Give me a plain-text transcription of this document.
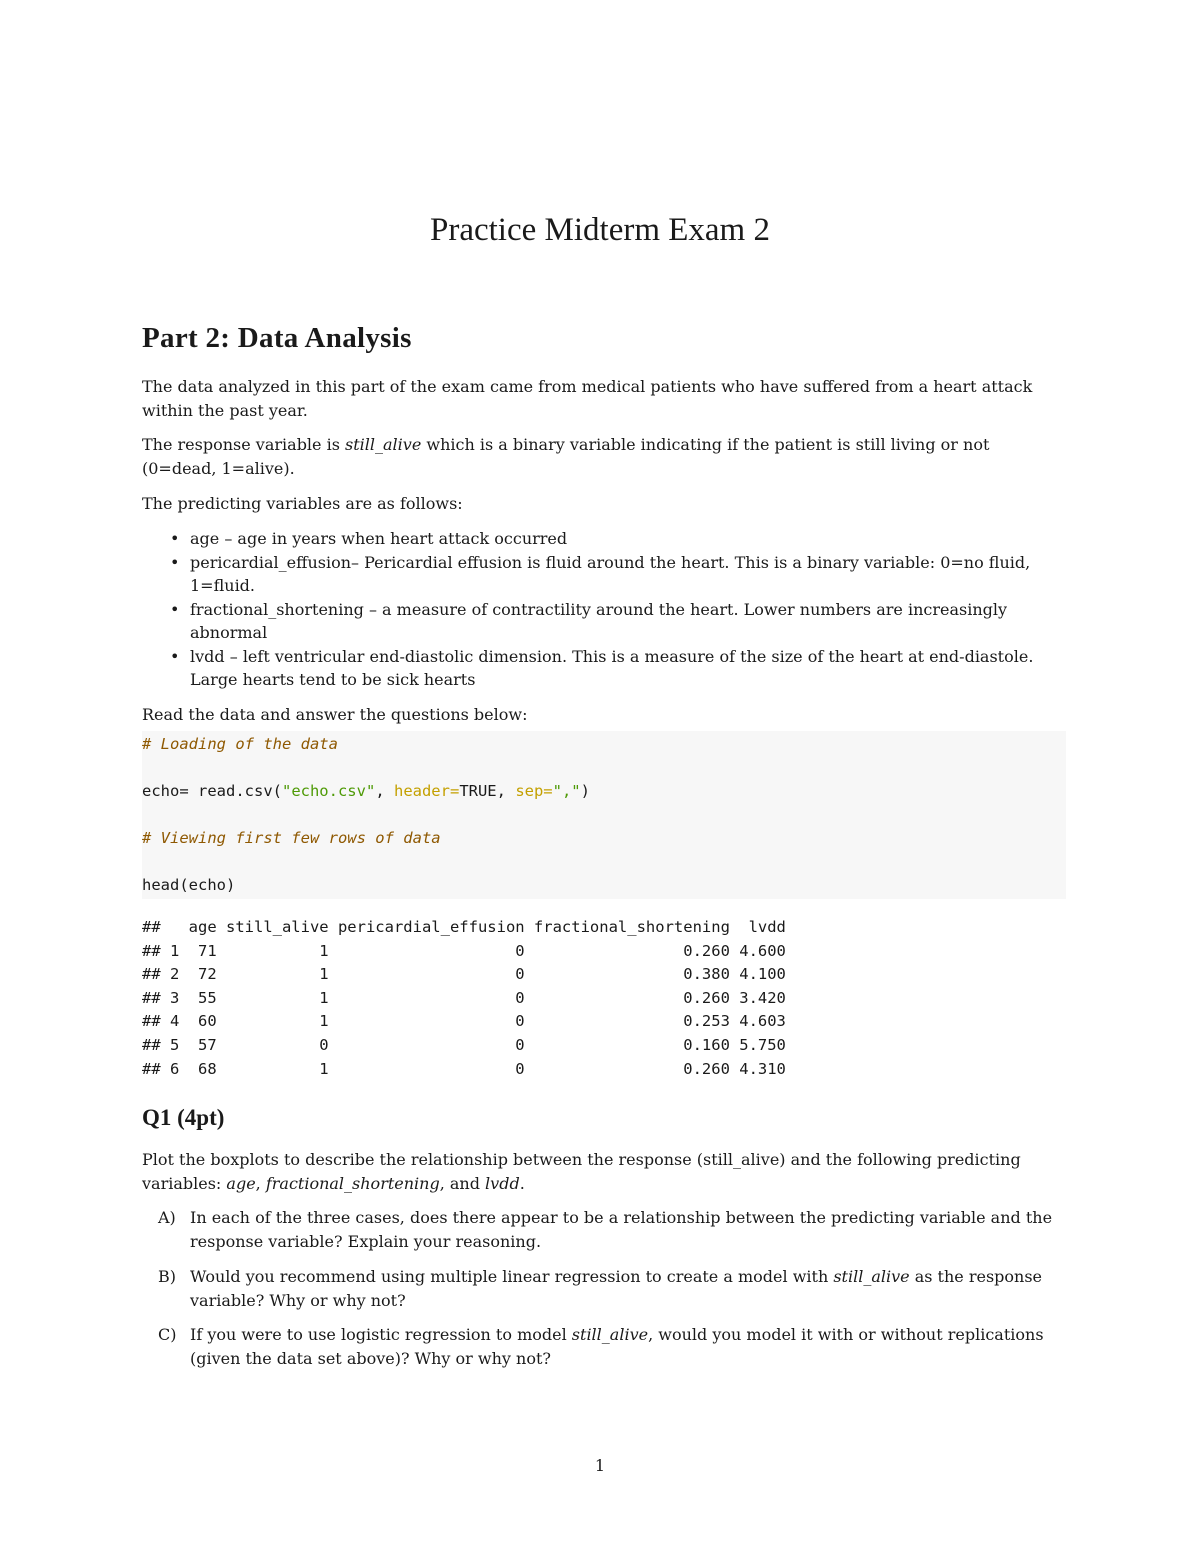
Practice Midterm Exam 2
Part 2: Data Analysis

The data analyzed in this part of the exam came from medical patients who have suffered from a heart attack within the past year.

The response variable is still_alive which is a binary variable indicating if the patient is still living or not (0=dead, 1=alive).

The predicting variables are as follows:

• age – age in years when heart attack occurred
• pericardial_effusion– Pericardial effusion is fluid around the heart. This is a binary variable: 0=no fluid, 1=fluid.
• fractional_shortening – a measure of contractility around the heart. Lower numbers are increasingly abnormal
• lvdd – left ventricular end-diastolic dimension. This is a measure of the size of the heart at end-diastole. Large hearts tend to be sick hearts

Read the data and answer the questions below:

# Loading of the data
echo= read.csv("echo.csv", header=TRUE, sep=",")
# Viewing first few rows of data
head(echo)
##   age still_alive pericardial_effusion fractional_shortening  lvdd
## 1  71           1                    0                 0.260 4.600
## 2  72           1                    0                 0.380 4.100
## 3  55           1                    0                 0.260 3.420
## 4  60           1                    0                 0.253 4.603
## 5  57           0                    0                 0.160 5.750
## 6  68           1                    0                 0.260 4.310
Q1 (4pt)

Plot the boxplots to describe the relationship between the response (still_alive) and the following predicting variables: age, fractional_shortening, and lvdd.

A) In each of the three cases, does there appear to be a relationship between the predicting variable and the response variable? Explain your reasoning.
B) Would you recommend using multiple linear regression to create a model with still_alive as the response variable? Why or why not?
C) If you were to use logistic regression to model still_alive, would you model it with or without replications (given the data set above)? Why or why not?

1
